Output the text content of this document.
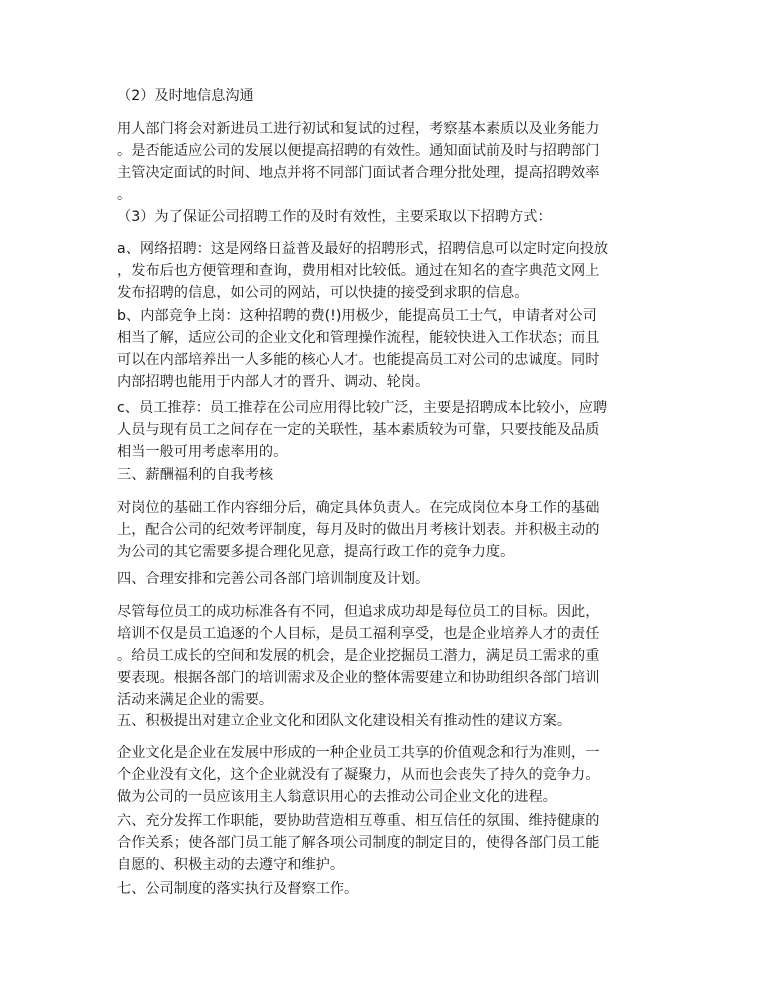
（2）及时地信息沟通

用人部门将会对新进员工进行初试和复试的过程，考察基本素质以及业务能力
。是否能适应公司的发展以便提高招聘的有效性。通知面试前及时与招聘部门
主管决定面试的时间、地点并将不同部门面试者合理分批处理，提高招聘效率
。

（3）为了保证公司招聘工作的及时有效性，主要采取以下招聘方式：

a、网络招聘：这是网络日益普及最好的招聘形式，招聘信息可以定时定向投放
，发布后也方便管理和查询，费用相对比较低。通过在知名的查字典范文网上
发布招聘的信息，如公司的网站，可以快捷的接受到求职的信息。

b、内部竞争上岗：这种招聘的费(!)用极少，能提高员工士气，申请者对公司
相当了解，适应公司的企业文化和管理操作流程，能较快进入工作状态；而且
可以在内部培养出一人多能的核心人才。也能提高员工对公司的忠诚度。同时
内部招聘也能用于内部人才的晋升、调动、轮岗。

c、员工推荐：员工推荐在公司应用得比较广泛，主要是招聘成本比较小，应聘
人员与现有员工之间存在一定的关联性，基本素质较为可靠，只要技能及品质
相当一般可用考虑率用的。

三、薪酬福利的自我考核

对岗位的基础工作内容细分后，确定具体负责人。在完成岗位本身工作的基础
上，配合公司的纪效考评制度，每月及时的做出月考核计划表。并积极主动的
为公司的其它需要多提合理化见意，提高行政工作的竞争力度。

四、合理安排和完善公司各部门培训制度及计划。

尽管每位员工的成功标准各有不同，但追求成功却是每位员工的目标。因此，
培训不仅是员工追逐的个人目标，是员工福利享受，也是企业培养人才的责任
。给员工成长的空间和发展的机会，是企业挖掘员工潜力，满足员工需求的重
要表现。根据各部门的培训需求及企业的整体需要建立和协助组织各部门培训
活动来满足企业的需要。

五、积极提出对建立企业文化和团队文化建设相关有推动性的建议方案。

企业文化是企业在发展中形成的一种企业员工共享的价值观念和行为准则，一
个企业没有文化，这个企业就没有了凝聚力，从而也会丧失了持久的竞争力。
做为公司的一员应该用主人翁意识用心的去推动公司企业文化的进程。

六、充分发挥工作职能，要协助营造相互尊重、相互信任的氛围、维持健康的
合作关系；使各部门员工能了解各项公司制度的制定目的，使得各部门员工能
自愿的、积极主动的去遵守和维护。

七、公司制度的落实执行及督察工作。
